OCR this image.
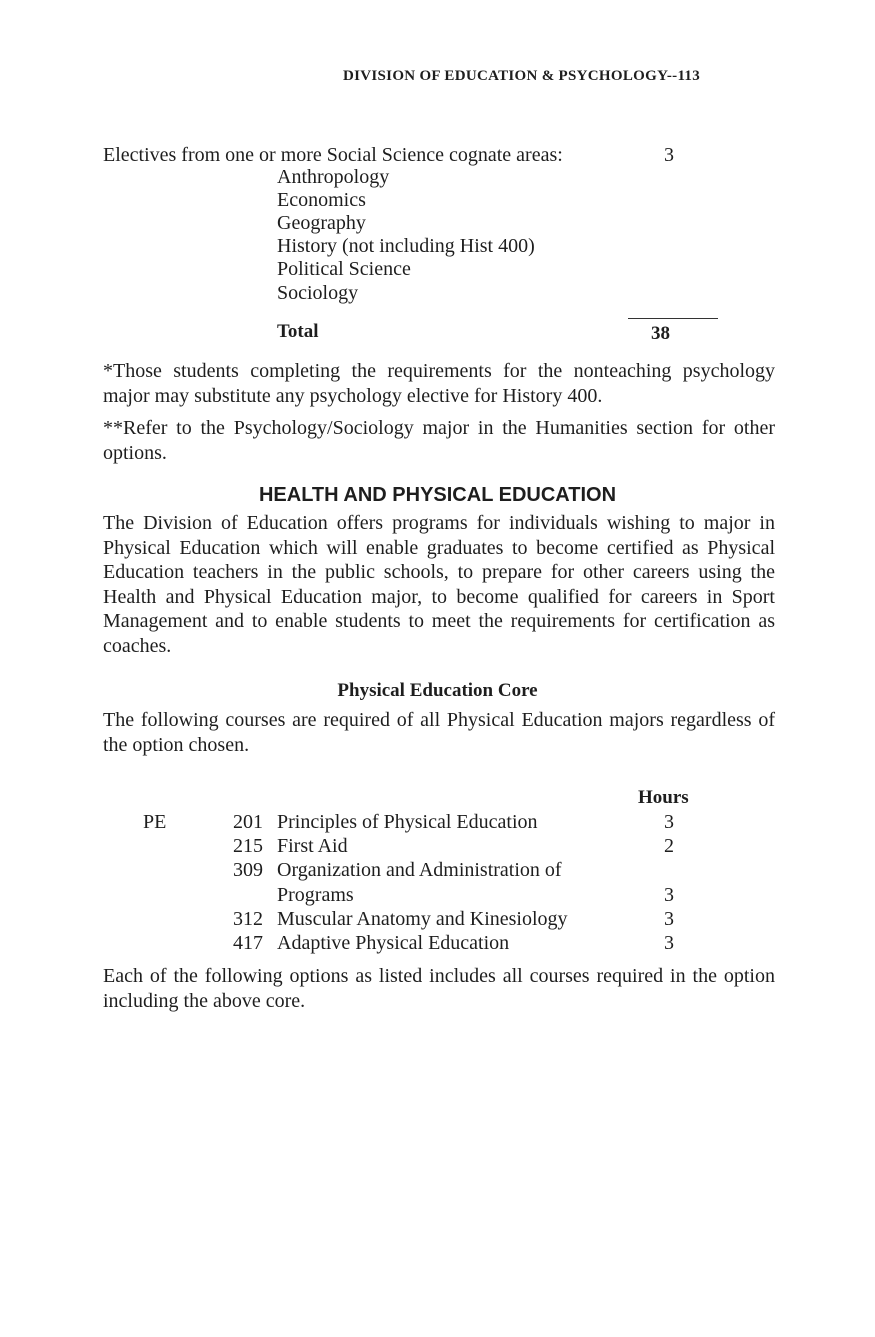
DIVISION OF EDUCATION & PSYCHOLOGY--113
Electives from one or more Social Science cognate areas:	3
Anthropology
Economics
Geography
History (not including Hist 400)
Political Science
Sociology
Total	38
*Those students completing the requirements for the nonteaching psychology major may substitute any psychology elective for History 400.
**Refer to the Psychology/Sociology major in the Humanities section for other options.
HEALTH AND PHYSICAL EDUCATION
The Division of Education offers programs for individuals wishing to major in Physical Education which will enable graduates to become certified as Physical Education teachers in the public schools, to prepare for other careers using the Health and Physical Education major, to become qualified for careers in Sport Management and to enable students to meet the requirements for certification as coaches.
Physical Education Core
The following courses are required of all Physical Education majors regardless of the option chosen.
Hours
PE	201 Principles of Physical Education	3
215 First Aid	2
309 Organization and Administration of
Programs	3
312 Muscular Anatomy and Kinesiology	3
417 Adaptive Physical Education	3
Each of the following options as listed includes all courses required in the option including the above core.
